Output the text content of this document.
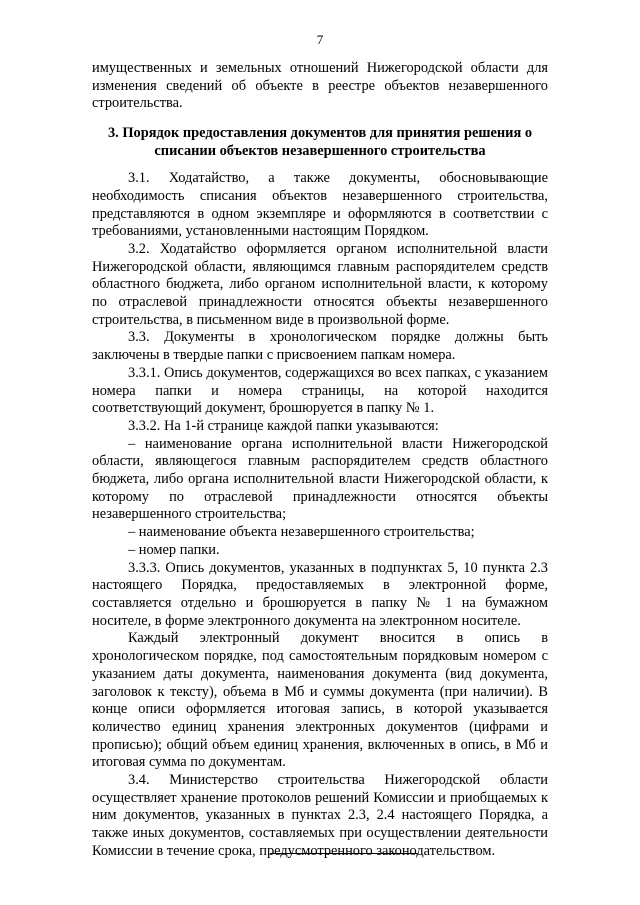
7

имущественных и земельных отношений Нижегородской области для изменения сведений об объекте в реестре объектов незавершенного строительства.

3. Порядок предоставления документов для принятия решения о списании объектов незавершенного строительства

3.1. Ходатайство, а также документы, обосновывающие необходимость списания объектов незавершенного строительства, представляются в одном экземпляре и оформляются в соответствии с требованиями, установленными настоящим Порядком.

3.2. Ходатайство оформляется органом исполнительной власти Нижегородской области, являющимся главным распорядителем средств областного бюджета, либо органом исполнительной власти, к которому по отраслевой принадлежности относятся объекты незавершенного строительства, в письменном виде в произвольной форме.

3.3. Документы в хронологическом порядке должны быть заключены в твердые папки с присвоением папкам номера.

3.3.1. Опись документов, содержащихся во всех папках, с указанием номера папки и номера страницы, на которой находится соответствующий документ, брошюруется в папку № 1.

3.3.2. На 1-й странице каждой папки указываются:

– наименование органа исполнительной власти Нижегородской области, являющегося главным распорядителем средств областного бюджета, либо органа исполнительной власти Нижегородской области, к которому по отраслевой принадлежности относятся объекты незавершенного строительства;

– наименование объекта незавершенного строительства;

– номер папки.

3.3.3. Опись документов, указанных в подпунктах 5, 10 пункта 2.3 настоящего Порядка, предоставляемых в электронной форме, составляется отдельно и брошюруется в папку № 1 на бумажном носителе, в форме электронного документа на электронном носителе.

Каждый электронный документ вносится в опись в хронологическом порядке, под самостоятельным порядковым номером с указанием даты документа, наименования документа (вид документа, заголовок к тексту), объема в Мб и суммы документа (при наличии). В конце описи оформляется итоговая запись, в которой указывается количество единиц хранения электронных документов (цифрами и прописью); общий объем единиц хранения, включенных в опись, в Мб и итоговая сумма по документам.

3.4. Министерство строительства Нижегородской области осуществляет хранение протоколов решений Комиссии и приобщаемых к ним документов, указанных в пунктах 2.3, 2.4 настоящего Порядка, а также иных документов, составляемых при осуществлении деятельности Комиссии в течение срока, предусмотренного законодательством.
